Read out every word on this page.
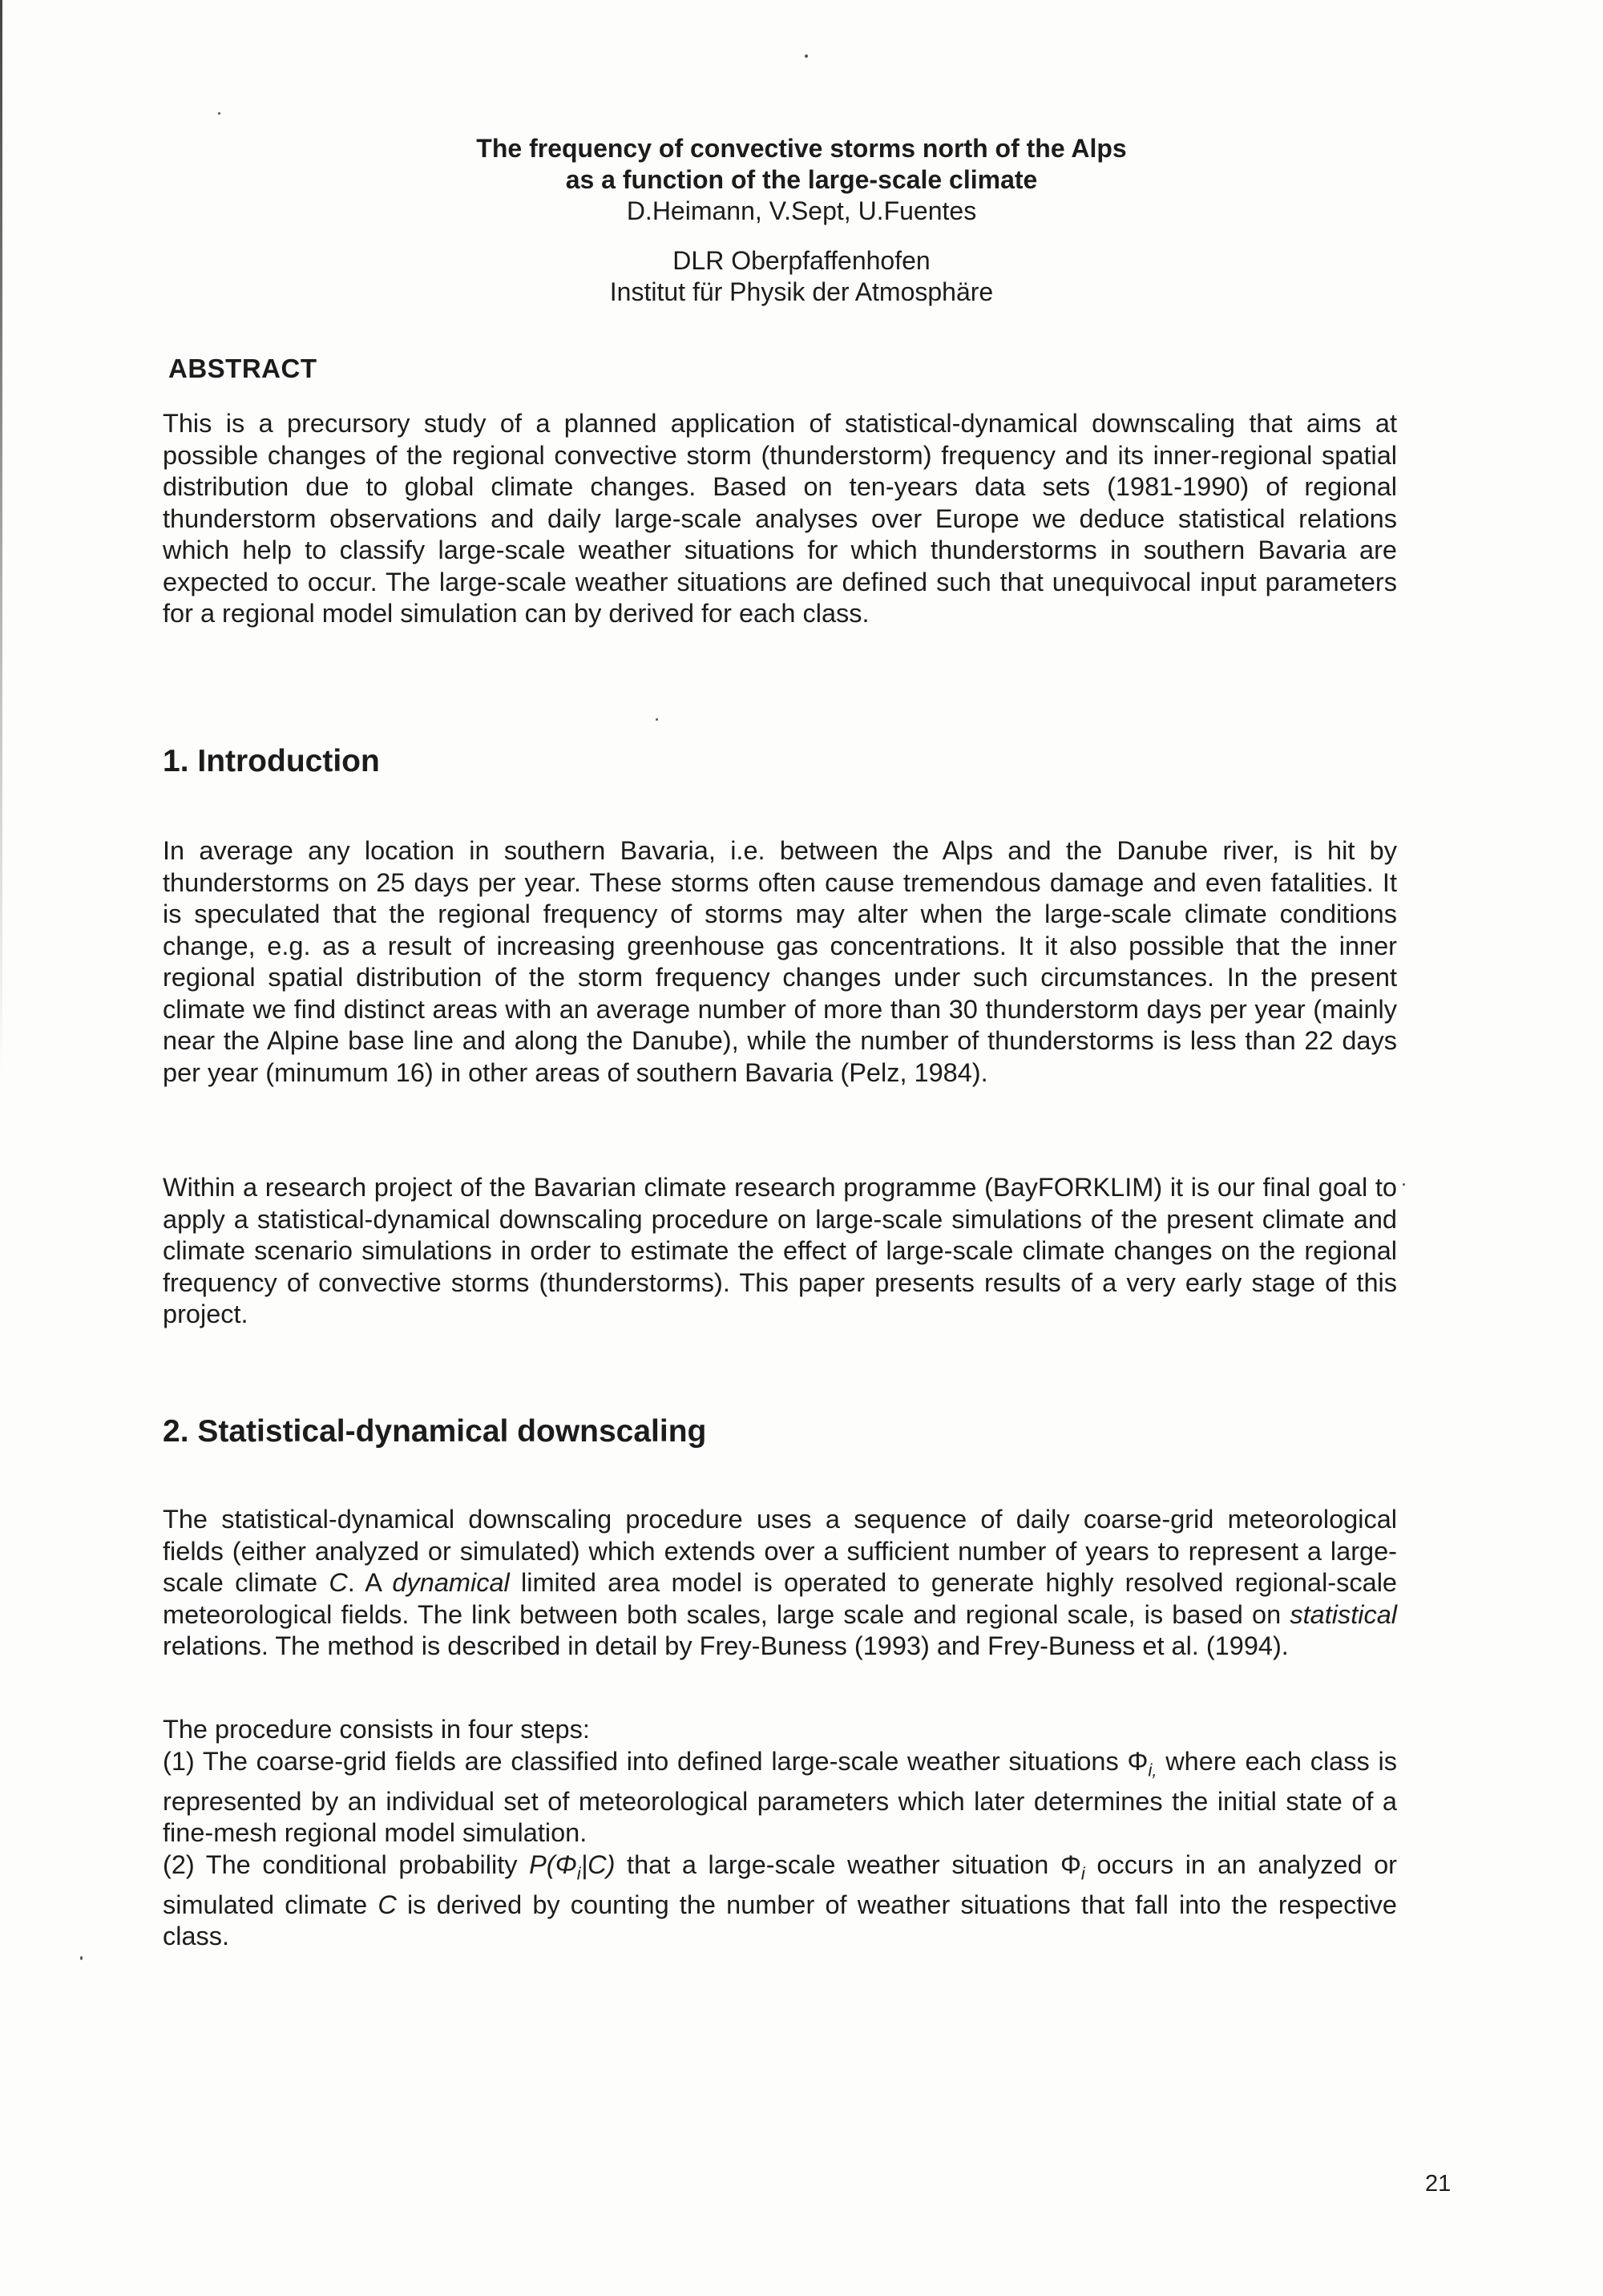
The frequency of convective storms north of the Alps
as a function of the large-scale climate
D.Heimann, V.Sept, U.Fuentes
DLR Oberpfaffenhofen
Institut für Physik der Atmosphäre
ABSTRACT
This is a precursory study of a planned application of statistical-dynamical downscaling that aims at possible changes of the regional convective storm (thunderstorm) frequency and its inner-regional spatial distribution due to global climate changes. Based on ten-years data sets (1981-1990) of regional thunderstorm observations and daily large-scale analyses over Europe we deduce statistical relations which help to classify large-scale weather situations for which thunderstorms in southern Bavaria are expected to occur. The large-scale weather situations are defined such that unequivocal input parameters for a regional model simulation can by derived for each class.
1. Introduction
In average any location in southern Bavaria, i.e. between the Alps and the Danube river, is hit by thunderstorms on 25 days per year. These storms often cause tremendous damage and even fatalities. It is speculated that the regional frequency of storms may alter when the large-scale climate conditions change, e.g. as a result of increasing greenhouse gas concentrations. It it also possible that the inner regional spatial distribution of the storm frequency changes under such circumstances. In the present climate we find distinct areas with an average number of more than 30 thunderstorm days per year (mainly near the Alpine base line and along the Danube), while the number of thunderstorms is less than 22 days per year (minumum 16) in other areas of southern Bavaria (Pelz, 1984).
Within a research project of the Bavarian climate research programme (BayFORKLIM) it is our final goal to apply a statistical-dynamical downscaling procedure on large-scale simulations of the present climate and climate scenario simulations in order to estimate the effect of large-scale climate changes on the regional frequency of convective storms (thunderstorms). This paper presents results of a very early stage of this project.
2. Statistical-dynamical downscaling
The statistical-dynamical downscaling procedure uses a sequence of daily coarse-grid meteorological fields (either analyzed or simulated) which extends over a sufficient number of years to represent a large-scale climate C. A dynamical limited area model is operated to generate highly resolved regional-scale meteorological fields. The link between both scales, large scale and regional scale, is based on statistical relations. The method is described in detail by Frey-Buness (1993) and Frey-Buness et al. (1994).
The procedure consists in four steps:
(1) The coarse-grid fields are classified into defined large-scale weather situations $\Phi_{i,}$ where each class is represented by an individual set of meteorological parameters which later determines the initial state of a fine-mesh regional model simulation.
(2) The conditional probability $P(\Phi_i|C)$ that a large-scale weather situation $\Phi_i$ occurs in an analyzed or simulated climate C is derived by counting the number of weather situations that fall into the respective class.
21
